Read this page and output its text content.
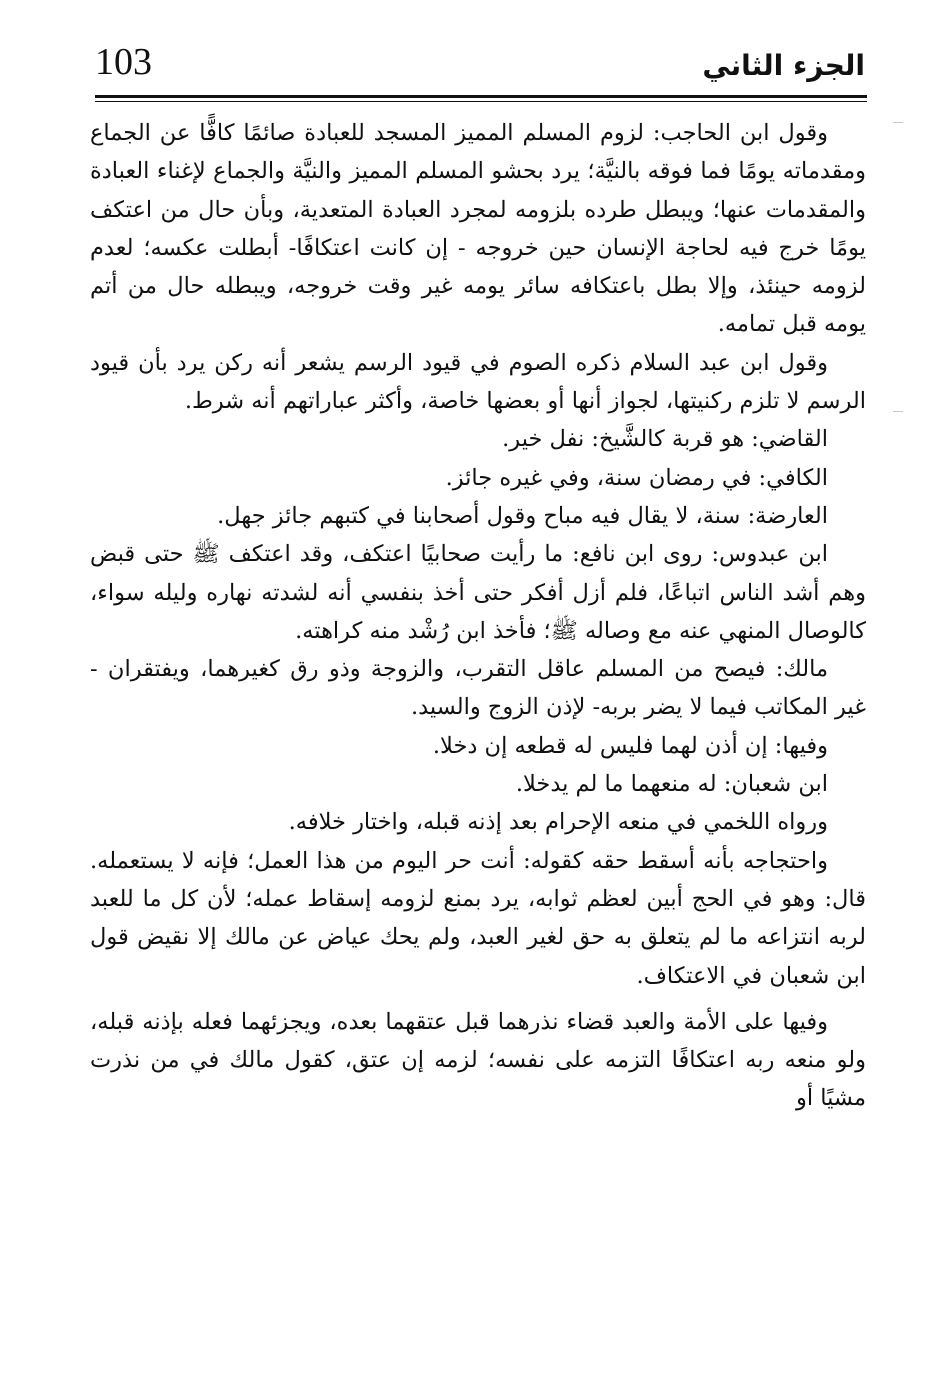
103	الجزء الثاني

وقول ابن الحاجب: لزوم المسلم المميز المسجد للعبادة صائمًا كافًّا عن الجماع ومقدماته يومًا فما فوقه بالنيَّة؛ يرد بحشو المسلم المميز والنيَّة والجماع لإغناء العبادة والمقدمات عنها؛ ويبطل طرده بلزومه لمجرد العبادة المتعدية، وبأن حال من اعتكف يومًا خرج فيه لحاجة الإنسان حين خروجه - إن كانت اعتكافًا- أبطلت عكسه؛ لعدم لزومه حينئذ، وإلا بطل باعتكافه سائر يومه غير وقت خروجه، ويبطله حال من أتم يومه قبل تمامه.

وقول ابن عبد السلام ذكره الصوم في قيود الرسم يشعر أنه ركن يرد بأن قيود الرسم لا تلزم ركنيتها، لجواز أنها أو بعضها خاصة، وأكثر عباراتهم أنه شرط.

القاضي: هو قربة كالشَّيخ: نفل خير.

الكافي: في رمضان سنة، وفي غيره جائز.

العارضة: سنة، لا يقال فيه مباح وقول أصحابنا في كتبهم جائز جهل.

ابن عبدوس: روى ابن نافع: ما رأيت صحابيًا اعتكف، وقد اعتكف ﷺ حتى قبض وهم أشد الناس اتباعًا، فلم أزل أفكر حتى أخذ بنفسي أنه لشدته نهاره وليله سواء، كالوصال المنهي عنه مع وصاله ﷺ؛ فأخذ ابن رُشْد منه كراهته.

مالك: فيصح من المسلم عاقل التقرب، والزوجة وذو رق كغيرهما، ويفتقران - غير المكاتب فيما لا يضر بربه- لإذن الزوج والسيد.

وفيها: إن أذن لهما فليس له قطعه إن دخلا.

ابن شعبان: له منعهما ما لم يدخلا.

ورواه اللخمي في منعه الإحرام بعد إذنه قبله، واختار خلافه.

واحتجاجه بأنه أسقط حقه كقوله: أنت حر اليوم من هذا العمل؛ فإنه لا يستعمله. قال: وهو في الحج أبين لعظم ثوابه، يرد بمنع لزومه إسقاط عمله؛ لأن كل ما للعبد لربه انتزاعه ما لم يتعلق به حق لغير العبد، ولم يحك عياض عن مالك إلا نقيض قول ابن شعبان في الاعتكاف.

وفيها على الأمة والعبد قضاء نذرهما قبل عتقهما بعده، ويجزئهما فعله بإذنه قبله، ولو منعه ربه اعتكافًا التزمه على نفسه؛ لزمه إن عتق، كقول مالك في من نذرت مشيًا أو
